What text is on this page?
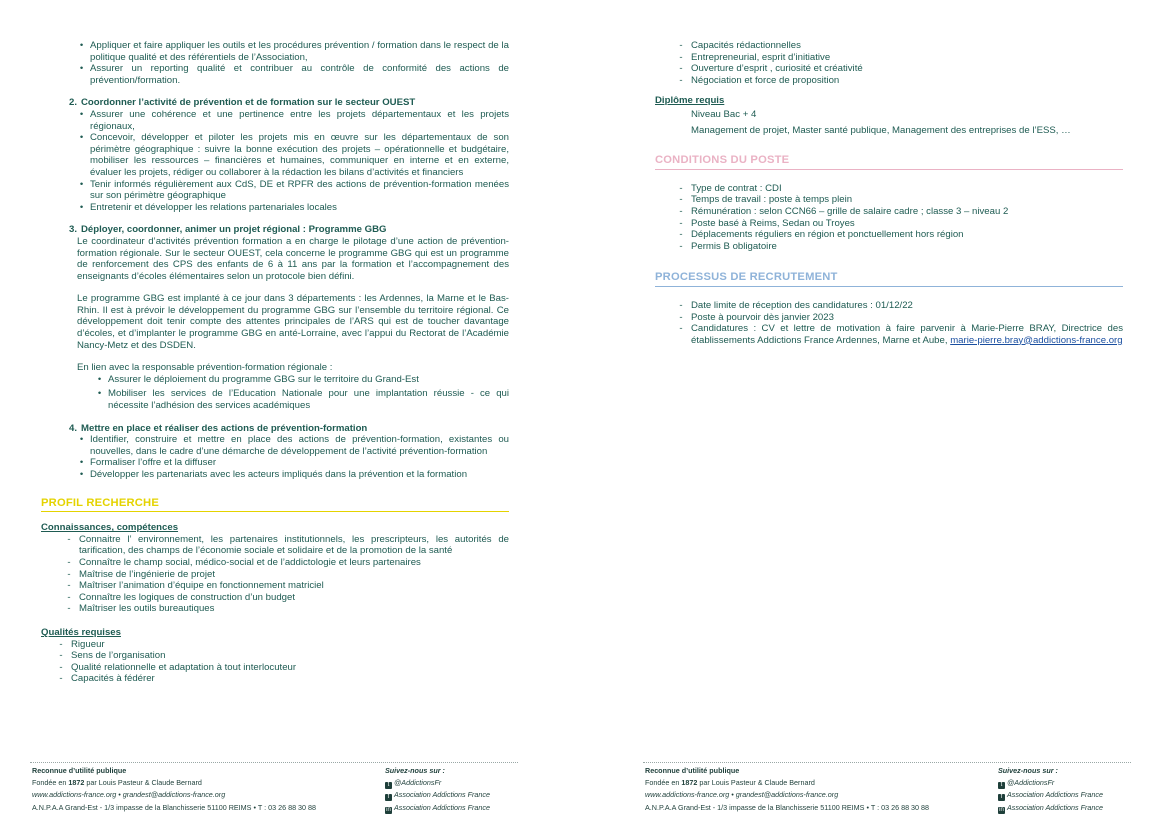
• Appliquer et faire appliquer les outils et les procédures prévention / formation dans le respect de la politique qualité et des référentiels de l’Association,
• Assurer un reporting qualité et contribuer au contrôle de conformité des actions de prévention/formation.
2. Coordonner l’activité de prévention et de formation sur le secteur OUEST
• Assurer une cohérence et une pertinence entre les projets départementaux et les projets régionaux,
• Concevoir, développer et piloter les projets mis en œuvre sur les départementaux de son périmètre géographique : suivre la bonne exécution des projets – opérationnelle et budgétaire, mobiliser les ressources – financières et humaines, communiquer en interne et en externe, évaluer les projets, rédiger ou collaborer à la rédaction les bilans d’activités et financiers
• Tenir informés régulièrement aux CdS, DE et RPFR des actions de prévention-formation menées sur son périmètre géographique
• Entretenir et développer les relations partenariales locales
3. Déployer, coordonner, animer un projet régional : Programme GBG
Le coordinateur d’activités prévention formation a en charge le pilotage d’une action de prévention-formation régionale. Sur le secteur OUEST, cela concerne le programme GBG qui est un programme de renforcement des CPS des enfants de 6 à 11 ans par la formation et l’accompagnement des enseignants d’écoles élémentaires selon un protocole bien défini.
Le programme GBG est implanté à ce jour dans 3 départements : les Ardennes, la Marne et le Bas-Rhin. Il est à prévoir le développement du programme GBG sur l’ensemble du territoire régional. Ce développement doit tenir compte des attentes principales de l’ARS qui est de toucher davantage d’écoles, et d’implanter le programme GBG en anté-Lorraine, avec l’appui du Rectorat de l’Académie Nancy-Metz et des DSDEN.
En lien avec la responsable prévention-formation régionale :
• Assurer le déploiement du programme GBG sur le territoire du Grand-Est
• Mobiliser les services de l’Education Nationale pour une implantation réussie - ce qui nécessite l’adhésion des services académiques
4. Mettre en place et réaliser des actions de prévention-formation
• Identifier, construire et mettre en place des actions de prévention-formation, existantes ou nouvelles, dans le cadre d’une démarche de développement de l’activité prévention-formation
• Formaliser l’offre et la diffuser
• Développer les partenariats avec les acteurs impliqués dans la prévention et la formation
PROFIL RECHERCHE
Connaissances, compétences
- Connaitre l’ environnement, les partenaires institutionnels, les prescripteurs, les autorités de tarification, des champs de l’économie sociale et solidaire et de la promotion de la santé
- Connaître le champ social, médico-social et de l’addictologie et leurs partenaires
- Maîtrise de l’ingénierie de projet
- Maîtriser l’animation d’équipe en fonctionnement matriciel
- Connaître les logiques de construction d’un budget
- Maîtriser les outils bureautiques
Qualités requises
- Rigueur
- Sens de l’organisation
- Qualité relationnelle et adaptation à tout interlocuteur
- Capacités à fédérer
- Capacités rédactionnelles
- Entrepreneurial, esprit d’initiative
- Ouverture d’esprit , curiosité et créativité
- Négociation et force de proposition
Diplôme requis
Niveau Bac + 4
Management de projet, Master santé publique, Management des entreprises de l’ESS, …
CONDITIONS DU POSTE
- Type de contrat : CDI
- Temps de travail : poste à temps plein
- Rémunération : selon CCN66 – grille de salaire cadre ; classe 3 – niveau 2
- Poste basé à Reims, Sedan ou Troyes
- Déplacements réguliers en région et ponctuellement hors région
- Permis B obligatoire
PROCESSUS DE RECRUTEMENT
- Date limite de réception des candidatures : 01/12/22
- Poste à pourvoir dès janvier 2023
- Candidatures : CV et lettre de motivation à faire parvenir à Marie-Pierre BRAY, Directrice des établissements Addictions France Ardennes, Marne et Aube, marie-pierre.bray@addictions-france.org
Reconnue d’utilité publique
Fondée en 1872 par Louis Pasteur & Claude Bernard
www.addictions-france.org • grandest@addictions-france.org
A.N.P.A.A Grand-Est - 1/3 impasse de la Blanchisserie 51100 REIMS • T : 03 26 88 30 88
Suivez-nous sur :
t @AddictionsFr
f Association Addictions France
in Association Addictions France
Reconnue d’utilité publique
Fondée en 1872 par Louis Pasteur & Claude Bernard
www.addictions-france.org • grandest@addictions-france.org
A.N.P.A.A Grand-Est - 1/3 impasse de la Blanchisserie 51100 REIMS • T : 03 26 88 30 88
Suivez-nous sur :
t @AddictionsFr
f Association Addictions France
in Association Addictions France
